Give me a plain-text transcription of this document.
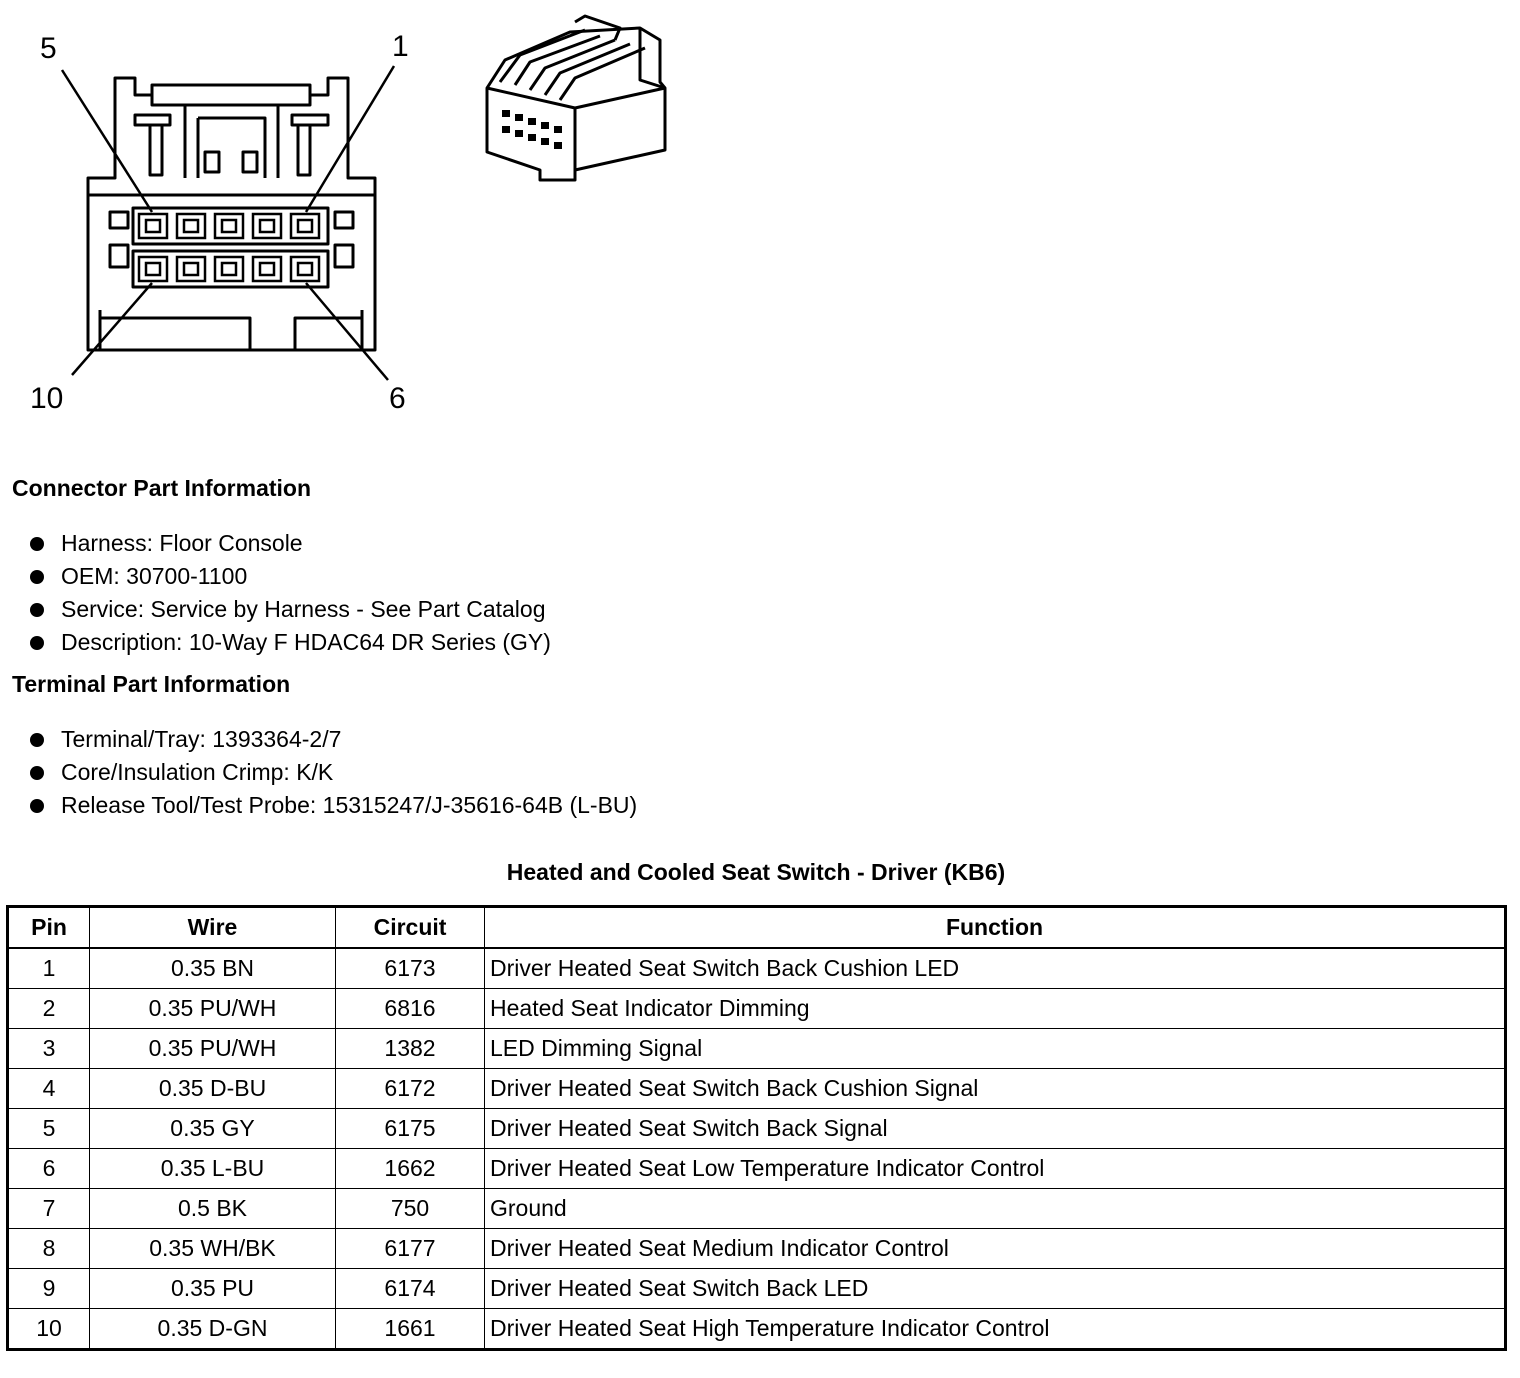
5	1
10	6
Connector Part Information
Harness: Floor Console
OEM: 30700-1100
Service: Service by Harness - See Part Catalog
Description: 10-Way F HDAC64 DR Series (GY)
Terminal Part Information
Terminal/Tray: 1393364-2/7
Core/Insulation Crimp: K/K
Release Tool/Test Probe: 15315247/J-35616-64B (L-BU)
Heated and Cooled Seat Switch - Driver (KB6)
Pin	Wire	Circuit	Function
1	0.35 BN	6173	Driver Heated Seat Switch Back Cushion LED
2	0.35 PU/WH	6816	Heated Seat Indicator Dimming
3	0.35 PU/WH	1382	LED Dimming Signal
4	0.35 D-BU	6172	Driver Heated Seat Switch Back Cushion Signal
5	0.35 GY	6175	Driver Heated Seat Switch Back Signal
6	0.35 L-BU	1662	Driver Heated Seat Low Temperature Indicator Control
7	0.5 BK	750	Ground
8	0.35 WH/BK	6177	Driver Heated Seat Medium Indicator Control
9	0.35 PU	6174	Driver Heated Seat Switch Back LED
10	0.35 D-GN	1661	Driver Heated Seat High Temperature Indicator Control
